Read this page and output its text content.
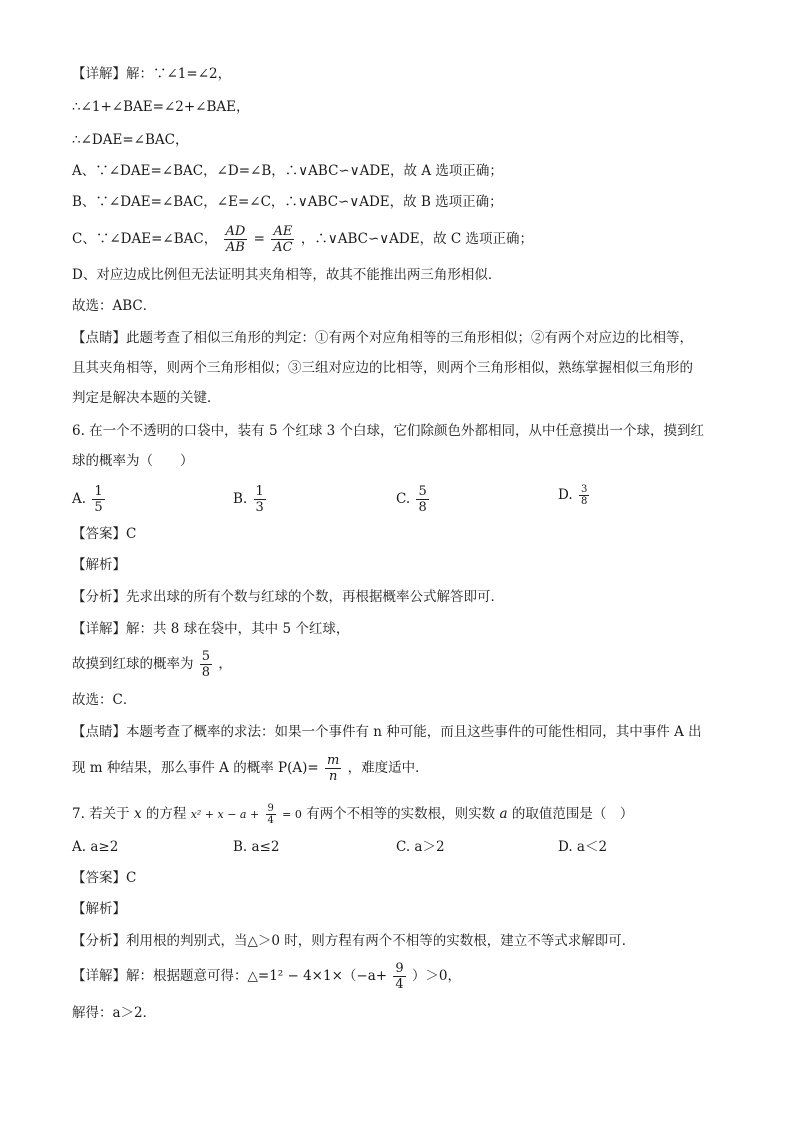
【详解】解：∵∠1=∠2，
∴∠1+∠BAE=∠2+∠BAE，
∴∠DAE=∠BAC，
A、∵∠DAE=∠BAC，∠D=∠B，∴∨ABC∽∨ADE，故 A 选项正确；
B、∵∠DAE=∠BAC，∠E=∠C，∴∨ABC∽∨ADE，故 B 选项正确；
C、∵∠DAE=∠BAC， $\frac{AD}{AB} = \frac{AE}{AC}$ ，∴∨ABC∽∨ADE，故 C 选项正确；
D、对应边成比例但无法证明其夹角相等，故其不能推出两三角形相似．
故选：ABC．
【点睛】此题考查了相似三角形的判定：①有两个对应角相等的三角形相似；②有两个对应边的比相等，
且其夹角相等，则两个三角形相似；③三组对应边的比相等，则两个三角形相似，熟练掌握相似三角形的
判定是解决本题的关键．
6. 在一个不透明的口袋中，装有 5 个红球 3 个白球，它们除颜色外都相同，从中任意摸出一个球，摸到红
球的概率为（　　）
A. $\frac{1}{5}$	B. $\frac{1}{3}$	C. $\frac{5}{8}$	D. $\frac{3}{8}$
【答案】C
【解析】
【分析】先求出球的所有个数与红球的个数，再根据概率公式解答即可．
【详解】解：共 8 球在袋中，其中 5 个红球，
故摸到红球的概率为 $\frac{5}{8}$ ，
故选：C．
【点睛】本题考查了概率的求法：如果一个事件有 n 种可能，而且这些事件的可能性相同，其中事件 A 出
现 m 种结果，那么事件 A 的概率 $P(A)= \frac{m}{n}$ ，难度适中．
7. 若关于 x 的方程 $x^2 + x - a + \frac{9}{4} = 0$ 有两个不相等的实数根，则实数 a 的取值范围是（　）
A. a≥2	B. a≤2	C. a＞2	D. a＜2
【答案】C
【解析】
【分析】利用根的判别式，当△＞0 时，则方程有两个不相等的实数根，建立不等式求解即可．
【详解】解：根据题意可得：△=1² − $4\times 1\times(-a+ \frac{9}{4} )>0$，
解得：a＞2．
